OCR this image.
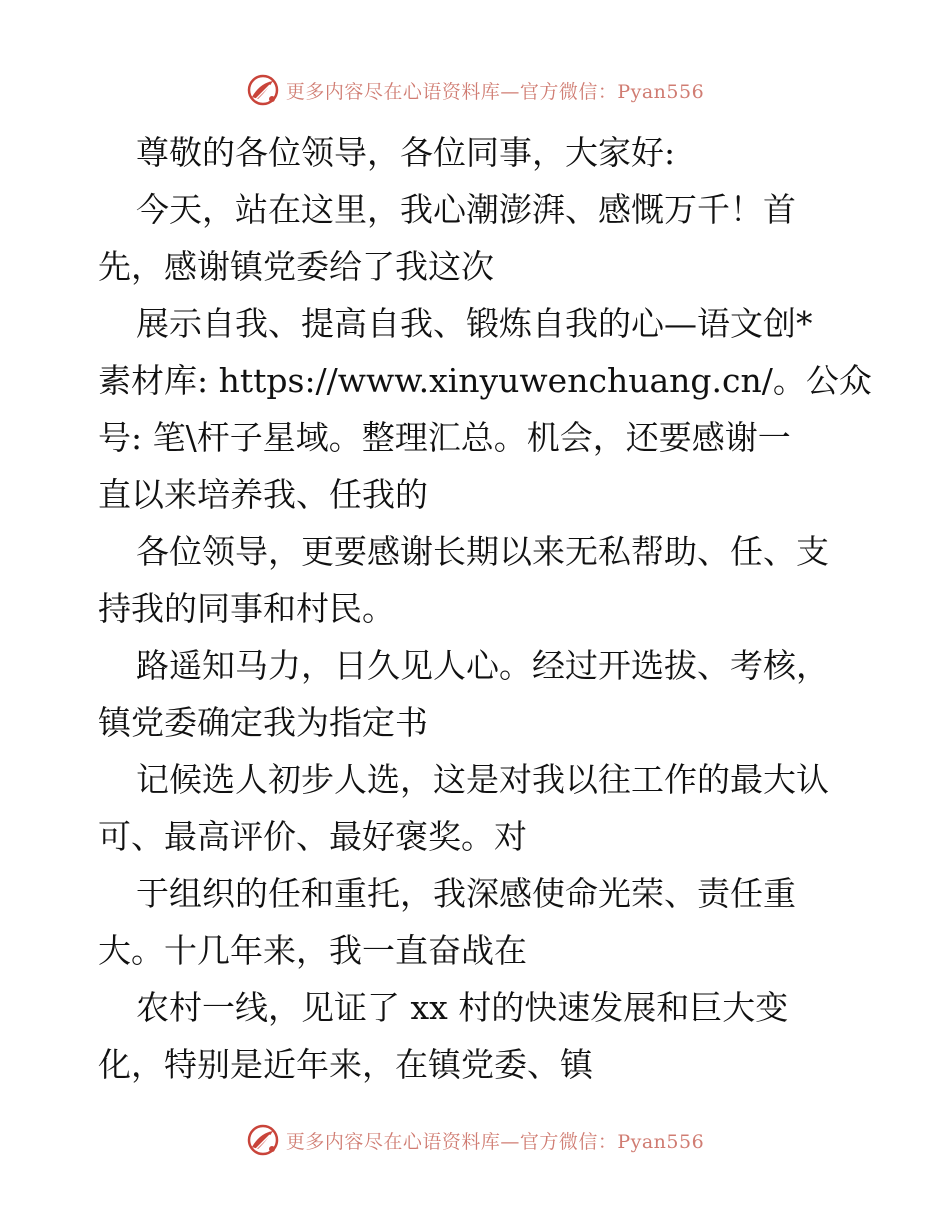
更多内容尽在心语资料库—官方微信：Pyan556

尊敬的各位领导，各位同事，大家好:

今天，站在这里，我心潮澎湃、感慨万千！首
先，感谢镇党委给了我这次

展示自我、提高自我、锻炼自我的心—语文创*
素材库: https://www.xinyuwenchuang.cn/。公众
号: 笔\杆子星域。整理汇总。机会，还要感谢一
直以来培养我、任我的

各位领导，更要感谢长期以来无私帮助、任、支
持我的同事和村民。

路遥知马力，日久见人心。经过开选拔、考核，
镇党委确定我为指定书

记候选人初步人选，这是对我以往工作的最大认
可、最高评价、最好褒奖。对

于组织的任和重托，我深感使命光荣、责任重
大。十几年来，我一直奋战在

农村一线，见证了 xx 村的快速发展和巨大变
化，特别是近年来，在镇党委、镇

更多内容尽在心语资料库—官方微信：Pyan556
